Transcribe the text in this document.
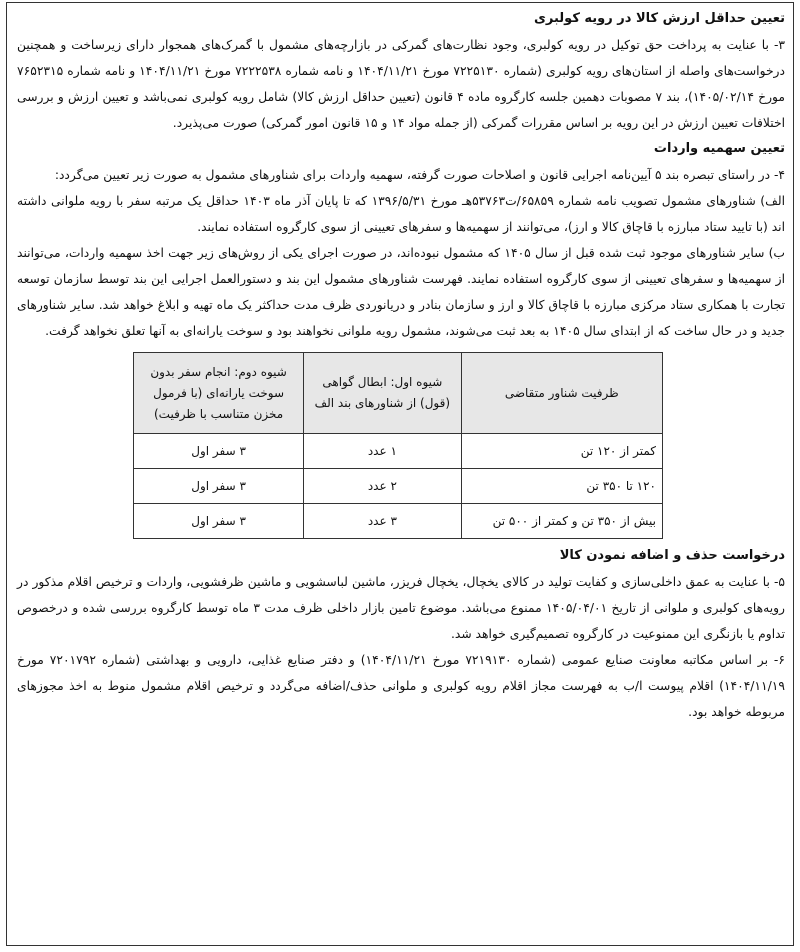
تعیین حداقل ارزش کالا در رویه کولبری

۳- با عنایت به پرداخت حق توکیل در رویه کولبری، وجود نظارت‌های گمرکی در بازارچه‌های مشمول با گمرک‌های همجوار دارای زیرساخت و همچنین درخواست‌های واصله از استان‌های رویه کولبری (شماره ۷۲۲۵۱۳۰ مورخ ۱۴۰۴/۱۱/۲۱ و نامه شماره ۷۲۲۲۵۳۸ مورخ ۱۴۰۴/۱۱/۲۱ و نامه شماره ۷۶۵۲۳۱۵ مورخ ۱۴۰۵/۰۲/۱۴)، بند ۷ مصوبات دهمین جلسه کارگروه ماده ۴ قانون (تعیین حداقل ارزش کالا) شامل رویه کولبری نمی‌باشد و تعیین ارزش و بررسی اختلافات تعیین ارزش در این رویه بر اساس مقررات گمرکی (از جمله مواد ۱۴ و ۱۵ قانون امور گمرکی) صورت می‌پذیرد.

تعیین سهمیه واردات

۴- در راستای تبصره بند ۵ آیین‌نامه اجرایی قانون و اصلاحات صورت گرفته، سهمیه واردات برای شناورهای مشمول به صورت زیر تعیین می‌گردد:

الف) شناورهای مشمول تصویب نامه شماره ۶۵۸۵۹/ت۵۳۷۶۳هـ مورخ ۱۳۹۶/۵/۳۱ که تا پایان آذر ماه ۱۴۰۳ حداقل یک مرتبه سفر با رویه ملوانی داشته اند (با تایید ستاد مبارزه با قاچاق کالا و ارز)، می‌توانند از سهمیه‌ها و سفرهای تعیینی از سوی کارگروه استفاده نمایند.

ب) سایر شناورهای موجود ثبت شده قبل از سال ۱۴۰۵ که مشمول نبوده‌اند، در صورت اجرای یکی از روش‌های زیر جهت اخذ سهمیه واردات، می‌توانند از سهمیه‌ها و سفرهای تعیینی از سوی کارگروه استفاده نمایند. فهرست شناورهای مشمول این بند و دستورالعمل اجرایی این بند توسط سازمان توسعه تجارت با همکاری ستاد مرکزی مبارزه با قاچاق کالا و ارز و سازمان بنادر و دریانوردی ظرف مدت حداکثر یک ماه تهیه و ابلاغ خواهد شد. سایر شناورهای جدید و در حال ساخت که از ابتدای سال ۱۴۰۵ به بعد ثبت می‌شوند، مشمول رویه ملوانی نخواهند بود و سوخت یارانه‌ای به آنها تعلق نخواهد گرفت.

ظرفیت شناور متقاضی	شیوه اول: ابطال گواهی (قول) از شناورهای بند الف	شیوه دوم: انجام سفر بدون سوخت یارانه‌ای (با فرمول مخزن متناسب با ظرفیت)
کمتر از ۱۲۰ تن	۱ عدد	۳ سفر اول
۱۲۰ تا ۳۵۰ تن	۲ عدد	۳ سفر اول
بیش از ۳۵۰ تن و کمتر از ۵۰۰ تن	۳ عدد	۳ سفر اول

درخواست حذف و اضافه نمودن کالا

۵- با عنایت به عمق داخلی‌سازی و کفایت تولید در کالای یخچال، یخچال فریزر، ماشین لباسشویی و ماشین ظرفشویی، واردات و ترخیص اقلام مذکور در رویه‌های کولبری و ملوانی از تاریخ ۱۴۰۵/۰۴/۰۱ ممنوع می‌باشد. موضوع تامین بازار داخلی ظرف مدت ۳ ماه توسط کارگروه بررسی شده و درخصوص تداوم یا بازنگری این ممنوعیت در کارگروه تصمیم‌گیری خواهد شد.

۶- بر اساس مکاتبه معاونت صنایع عمومی (شماره ۷۲۱۹۱۳۰ مورخ ۱۴۰۴/۱۱/۲۱) و دفتر صنایع غذایی، دارویی و بهداشتی (شماره ۷۲۰۱۷۹۲ مورخ ۱۴۰۴/۱۱/۱۹) اقلام پیوست ا/ب به فهرست مجاز اقلام رویه کولبری و ملوانی حذف/اضافه می‌گردد و ترخیص اقلام مشمول منوط به اخذ مجوزهای مربوطه خواهد بود.
